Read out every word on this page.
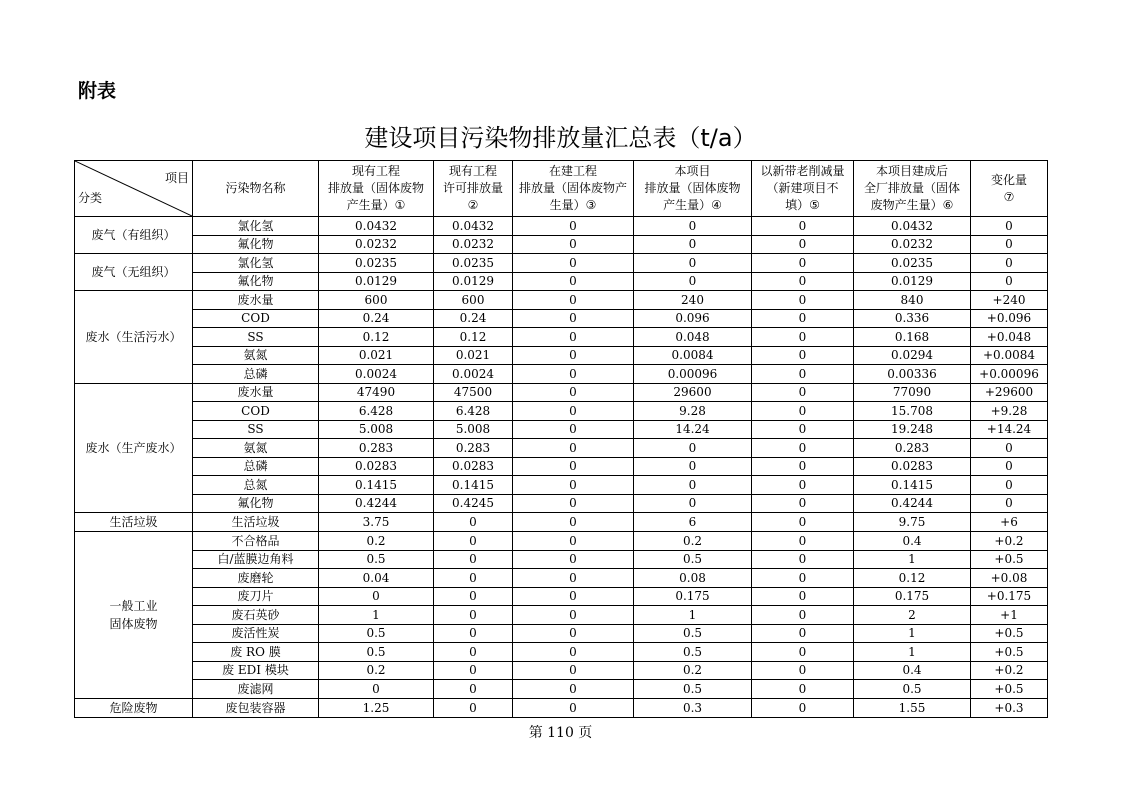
附表
建设项目污染物排放量汇总表（t/a）
项目
分类	污染物名称	现有工程
排放量（固体废物
产生量）①	现有工程
许可排放量
②	在建工程
排放量（固体废物产
生量）③	本项目
排放量（固体废物
产生量）④	以新带老削减量
（新建项目不
填）⑤	本项目建成后
全厂排放量（固体
废物产生量）⑥	变化量
⑦
废气（有组织）	氯化氢	0.0432	0.0432	0	0	0	0.0432	0
	氟化物	0.0232	0.0232	0	0	0	0.0232	0
废气（无组织）	氯化氢	0.0235	0.0235	0	0	0	0.0235	0
	氟化物	0.0129	0.0129	0	0	0	0.0129	0
废水（生活污水）	废水量	600	600	0	240	0	840	+240
	COD	0.24	0.24	0	0.096	0	0.336	+0.096
	SS	0.12	0.12	0	0.048	0	0.168	+0.048
	氨氮	0.021	0.021	0	0.0084	0	0.0294	+0.0084
	总磷	0.0024	0.0024	0	0.00096	0	0.00336	+0.00096
废水（生产废水）	废水量	47490	47500	0	29600	0	77090	+29600
	COD	6.428	6.428	0	9.28	0	15.708	+9.28
	SS	5.008	5.008	0	14.24	0	19.248	+14.24
	氨氮	0.283	0.283	0	0	0	0.283	0
	总磷	0.0283	0.0283	0	0	0	0.0283	0
	总氮	0.1415	0.1415	0	0	0	0.1415	0
	氟化物	0.4244	0.4245	0	0	0	0.4244	0
生活垃圾	生活垃圾	3.75	0	0	6	0	9.75	+6
一般工业
固体废物	不合格品	0.2	0	0	0.2	0	0.4	+0.2
	白/蓝膜边角料	0.5	0	0	0.5	0	1	+0.5
	废磨轮	0.04	0	0	0.08	0	0.12	+0.08
	废刀片	0	0	0	0.175	0	0.175	+0.175
	废石英砂	1	0	0	1	0	2	+1
	废活性炭	0.5	0	0	0.5	0	1	+0.5
	废 RO 膜	0.5	0	0	0.5	0	1	+0.5
	废 EDI 模块	0.2	0	0	0.2	0	0.4	+0.2
	废滤网	0	0	0	0.5	0	0.5	+0.5
危险废物	废包装容器	1.25	0	0	0.3	0	1.55	+0.3
第 110 页
